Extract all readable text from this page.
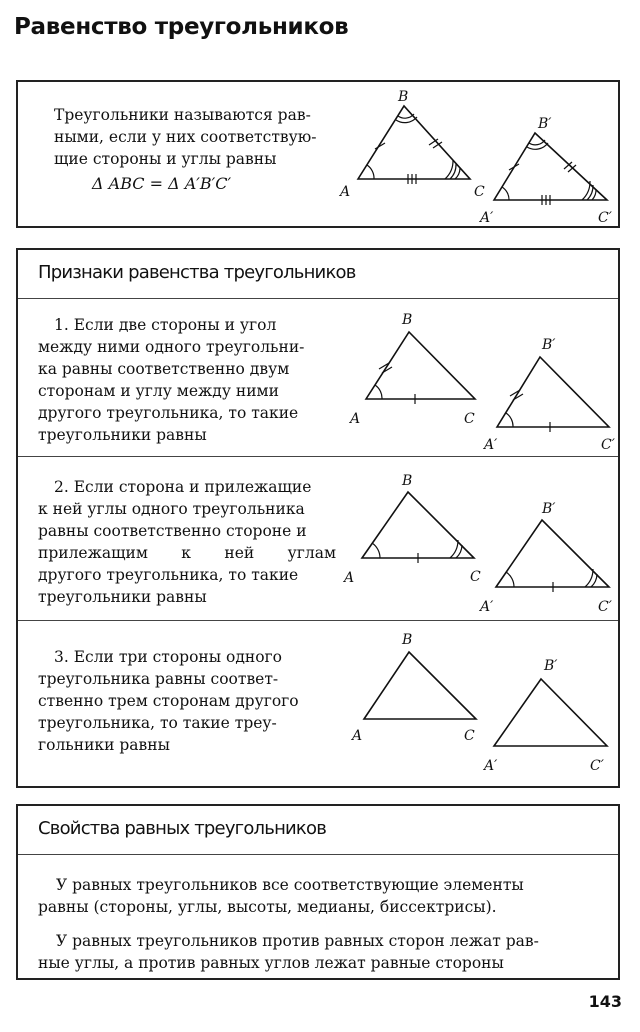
Равенство треугольников

Треугольники называются рав-

ными, если у них соответствую-

щие стороны и углы равны

Δ ABC = Δ A′B′C′	A
B
C
A′
B′
C′
Признаки равенства треугольников

1. Если две стороны и угол

между ними одного треугольни-

ка равны соответственно двум

сторонам и углу между ними

другого треугольника, то такие

треугольники равны

A
B
C
A′
B′
C′

2. Если сторона и прилежащие

к ней углы одного треугольника

равны соответственно стороне и

прилежащим к ней углам

другого треугольника, то такие

треугольники равны

A
B
C
A′
B′
C′

3. Если три стороны одного

треугольника равны соответ-

ственно трем сторонам другого

треугольника, то такие треу-

гольники равны	A
B
C
A′
B′
C′
Свойства равных треугольников

У равных треугольников все соответствующие элементы

равны (стороны, углы, высоты, медианы, биссектрисы).

У равных треугольников против равных сторон лежат рав-

ные углы, а против равных углов лежат равные стороны

143
